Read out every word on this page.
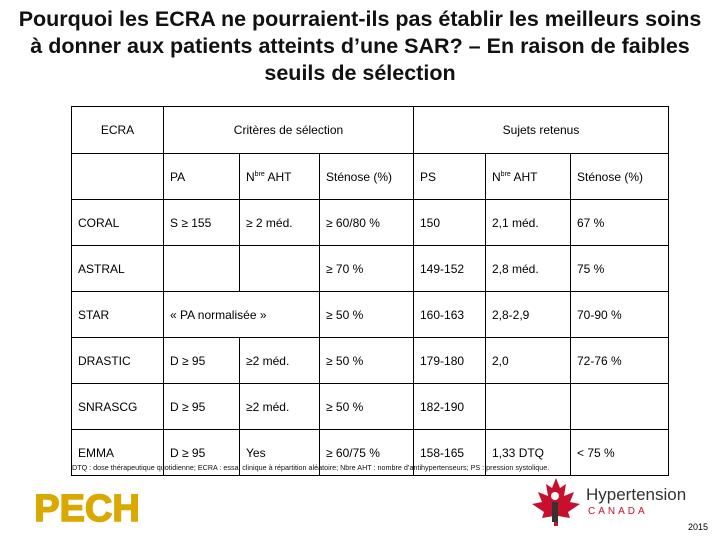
Pourquoi les ECRA ne pourraient-ils pas établir les meilleurs soins
à donner aux patients atteints d’une SAR? – En raison de faibles
seuils de sélection
ECRA	Critères de sélection			Sujets retenus		
	PA	$N^{bre}$ AHT	Sténose (%)	PS	$N^{bre}$ AHT	Sténose (%)
CORAL	S ≥ 155	≥ 2 méd.	≥ 60/80 %	150	2,1 méd.	67 %
ASTRAL			≥ 70 %	149-152	2,8 méd.	75 %
STAR	« PA normalisée »		≥ 50 %	160-163	2,8-2,9	70-90 %
DRASTIC	D ≥ 95	≥2 méd.	≥ 50 %	179-180	2,0	72-76 %
SNRASCG	D ≥ 95	≥2 méd.	≥ 50 %	182-190		
EMMA	D ≥ 95	Yes	≥ 60/75 %	158-165	1,33 DTQ	< 75 %
DTQ : dose thérapeutique quotidienne; ECRA : essai clinique à répartition aléatoire; Nbre AHT : nombre d’antihypertenseurs; PS : pression systolique.
PECH	Hypertension
CANADA
2015
